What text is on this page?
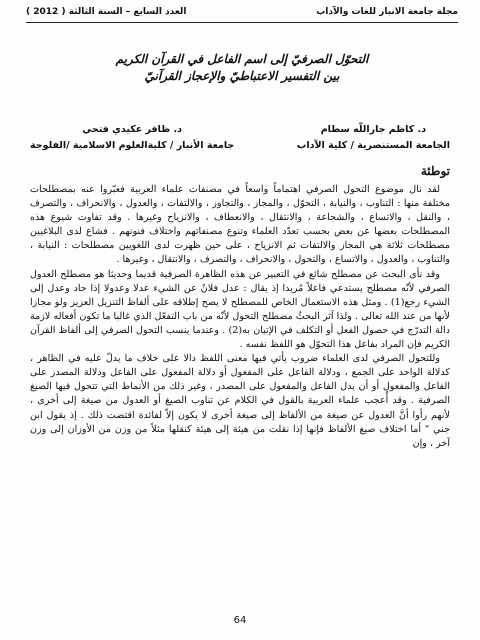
مجلة جامعة الانبار للغات والآداب
العدد السابع – السنة الثالثة ( 2012 )
التحوّل الصرفيّ إلى اسم الفاعل في القرآن الكريم
بين التفسير الاعتباطيّ والإعجاز القرآنيّ
د. كاظم جاراللّه سطام
الجامعة المستنصرية / كلية الآداب
د. ظافر عكيدي فتحي
جامعة الأنبار / كليةالعلوم الاسلامية /الفلوجة
توطئة

لقد نال موضوع التحول الصرفي اهتماماً واسعاً في مصنفات علماء العربية فعبّروا عنه بمصطلحات مختلفة منها : التناوب ، والنيابة ، التحوّل ، والمجاز ، والتجاوز ، والالتفات ، والعدول ، والانحراف ، والتصرف ، والنقل ، والاتساع ، والشجاعة ، والانتقال ، والانعطاف ، والانزياح وغيرها . وقد تفاوت شيوع هذه المصطلحات بعضها عن بعض بحسب تعدّد العلماء وتنوع مصنفاتهم واختلاف فنونهم . فشاع لدى البلاغيين مصطلحات ثلاثة هي المجاز والالتفات ثم الانزياح ، على حين ظهرت لدى اللغويين مصطلحات : النيابة ، والتناوب ، والعدول ، والاتساع ، والتحول ، والانحراف ، والتصرف ، والانتقال ، وغيرها .

وقد نأى البحث عن مصطلح شائع في التعبير عن هذه الظاهرة الصرفية قديما وحديثا هو مصطلح العدول الصرفي لأنّه مصطلح يستدعي فاعلاً مُريدا إذ يقال : عدل فلانٌ عن الشيء عدلا وعدولا إذا حاد وعدل إلى الشيء رجع(1) . ومثل هذه الاستعمال الخاص للمصطلح لا يصح إطلاقه على ألفاظ التنزيل العزيز ولو مجازا لأنها من عند الله تعالى . ولذا آثر البحثُ مصطلح التحول لأنّه من باب التفعّل الذي غالبا ما تكون أفعاله لازمة دالة التدرّج في حصول الفعل أو التكلف في الإتيان به(2) . وعندما ينسب التحول الصرفي إلى ألفاظ القرآن الكريم فإن المراد بفاعل هذا التحوّل هو اللفظ نفسه .

وللتحول الصرفي لدى العلماء ضروب يأتي فيها معنى اللفظ دالا على خلاف ما يدلّ عليه في الظاهر ، كدلالة الواحد على الجمع ، ودلالة الفاعل على المفعول أو دلالة المفعول على الفاعل ودلالة المصدر على الفاعل والمفعول أو أن يدل الفاعل والمفعول على المصدر ، وغير ذلك من الأنماط التي تتحول فيها الصيغ الصرفية . وقد أُعجب علماء العربية بالقول في الكلام عن تناوب الصيغ أو العدول من صيغة إلى أخرى ، لأنهم رأوا أنَّ العدول عن صيغة من الألفاظ إلى صيغة أخرى لا يكون إلاّ لفائدة اقتضت ذلك . إذ يقول ابن جني " أما اختلاف صيغ الألفاظ فإنها إذا نقلت من هيئة إلى هيئة كنقلها مثلاً من وزن من الأوزان إلى وزن آخر ، وإن

64
